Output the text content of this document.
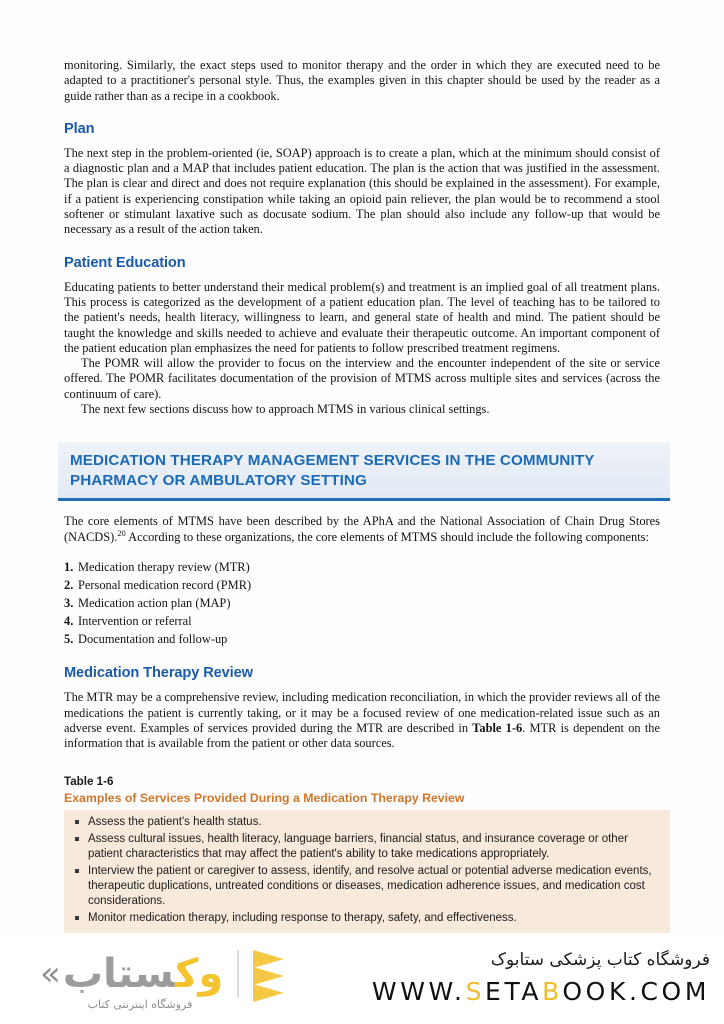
monitoring. Similarly, the exact steps used to monitor therapy and the order in which they are executed need to be adapted to a practitioner's personal style. Thus, the examples given in this chapter should be used by the reader as a guide rather than as a recipe in a cookbook.

Plan

The next step in the problem-oriented (ie, SOAP) approach is to create a plan, which at the minimum should consist of a diagnostic plan and a MAP that includes patient education. The plan is the action that was justified in the assessment. The plan is clear and direct and does not require explanation (this should be explained in the assessment). For example, if a patient is experiencing constipation while taking an opioid pain reliever, the plan would be to recommend a stool softener or stimulant laxative such as docusate sodium. The plan should also include any follow-up that would be necessary as a result of the action taken.

Patient Education

Educating patients to better understand their medical problem(s) and treatment is an implied goal of all treatment plans. This process is categorized as the development of a patient education plan. The level of teaching has to be tailored to the patient's needs, health literacy, willingness to learn, and general state of health and mind. The patient should be taught the knowledge and skills needed to achieve and evaluate their therapeutic outcome. An important component of the patient education plan emphasizes the need for patients to follow prescribed treatment regimens.

The POMR will allow the provider to focus on the interview and the encounter independent of the site or service offered. The POMR facilitates documentation of the provision of MTMS across multiple sites and services (across the continuum of care).

The next few sections discuss how to approach MTMS in various clinical settings.

MEDICATION THERAPY MANAGEMENT SERVICES IN THE COMMUNITY
PHARMACY OR AMBULATORY SETTING

The core elements of MTMS have been described by the APhA and the National Association of Chain Drug Stores (NACDS).$^{20}$ According to these organizations, the core elements of MTMS should include the following components:

1. Medication therapy review (MTR)
2. Personal medication record (PMR)
3. Medication action plan (MAP)
4. Intervention or referral
5. Documentation and follow-up
Medication Therapy Review

The MTR may be a comprehensive review, including medication reconciliation, in which the provider reviews all of the medications the patient is currently taking, or it may be a focused review of one medication-related issue such as an adverse event. Examples of services provided during the MTR are described in Table 1-6. MTR is dependent on the information that is available from the patient or other data sources.

Table 1-6
Examples of Services Provided During a Medication Therapy Review
Assess the patient's health status.
Assess cultural issues, health literacy, language barriers, financial status, and insurance coverage or other patient characteristics that may affect the patient's ability to take medications appropriately.
Interview the patient or caregiver to assess, identify, and resolve actual or potential adverse medication events, therapeutic duplications, untreated conditions or diseases, medication adherence issues, and medication cost considerations.
Monitor medication therapy, including response to therapy, safety, and effectiveness.
«	وکستاب
فروشگاه اینترنتی کتاب
فروشگاه کتاب پزشکی ستابوک
WWW.SETABOOK.COM
